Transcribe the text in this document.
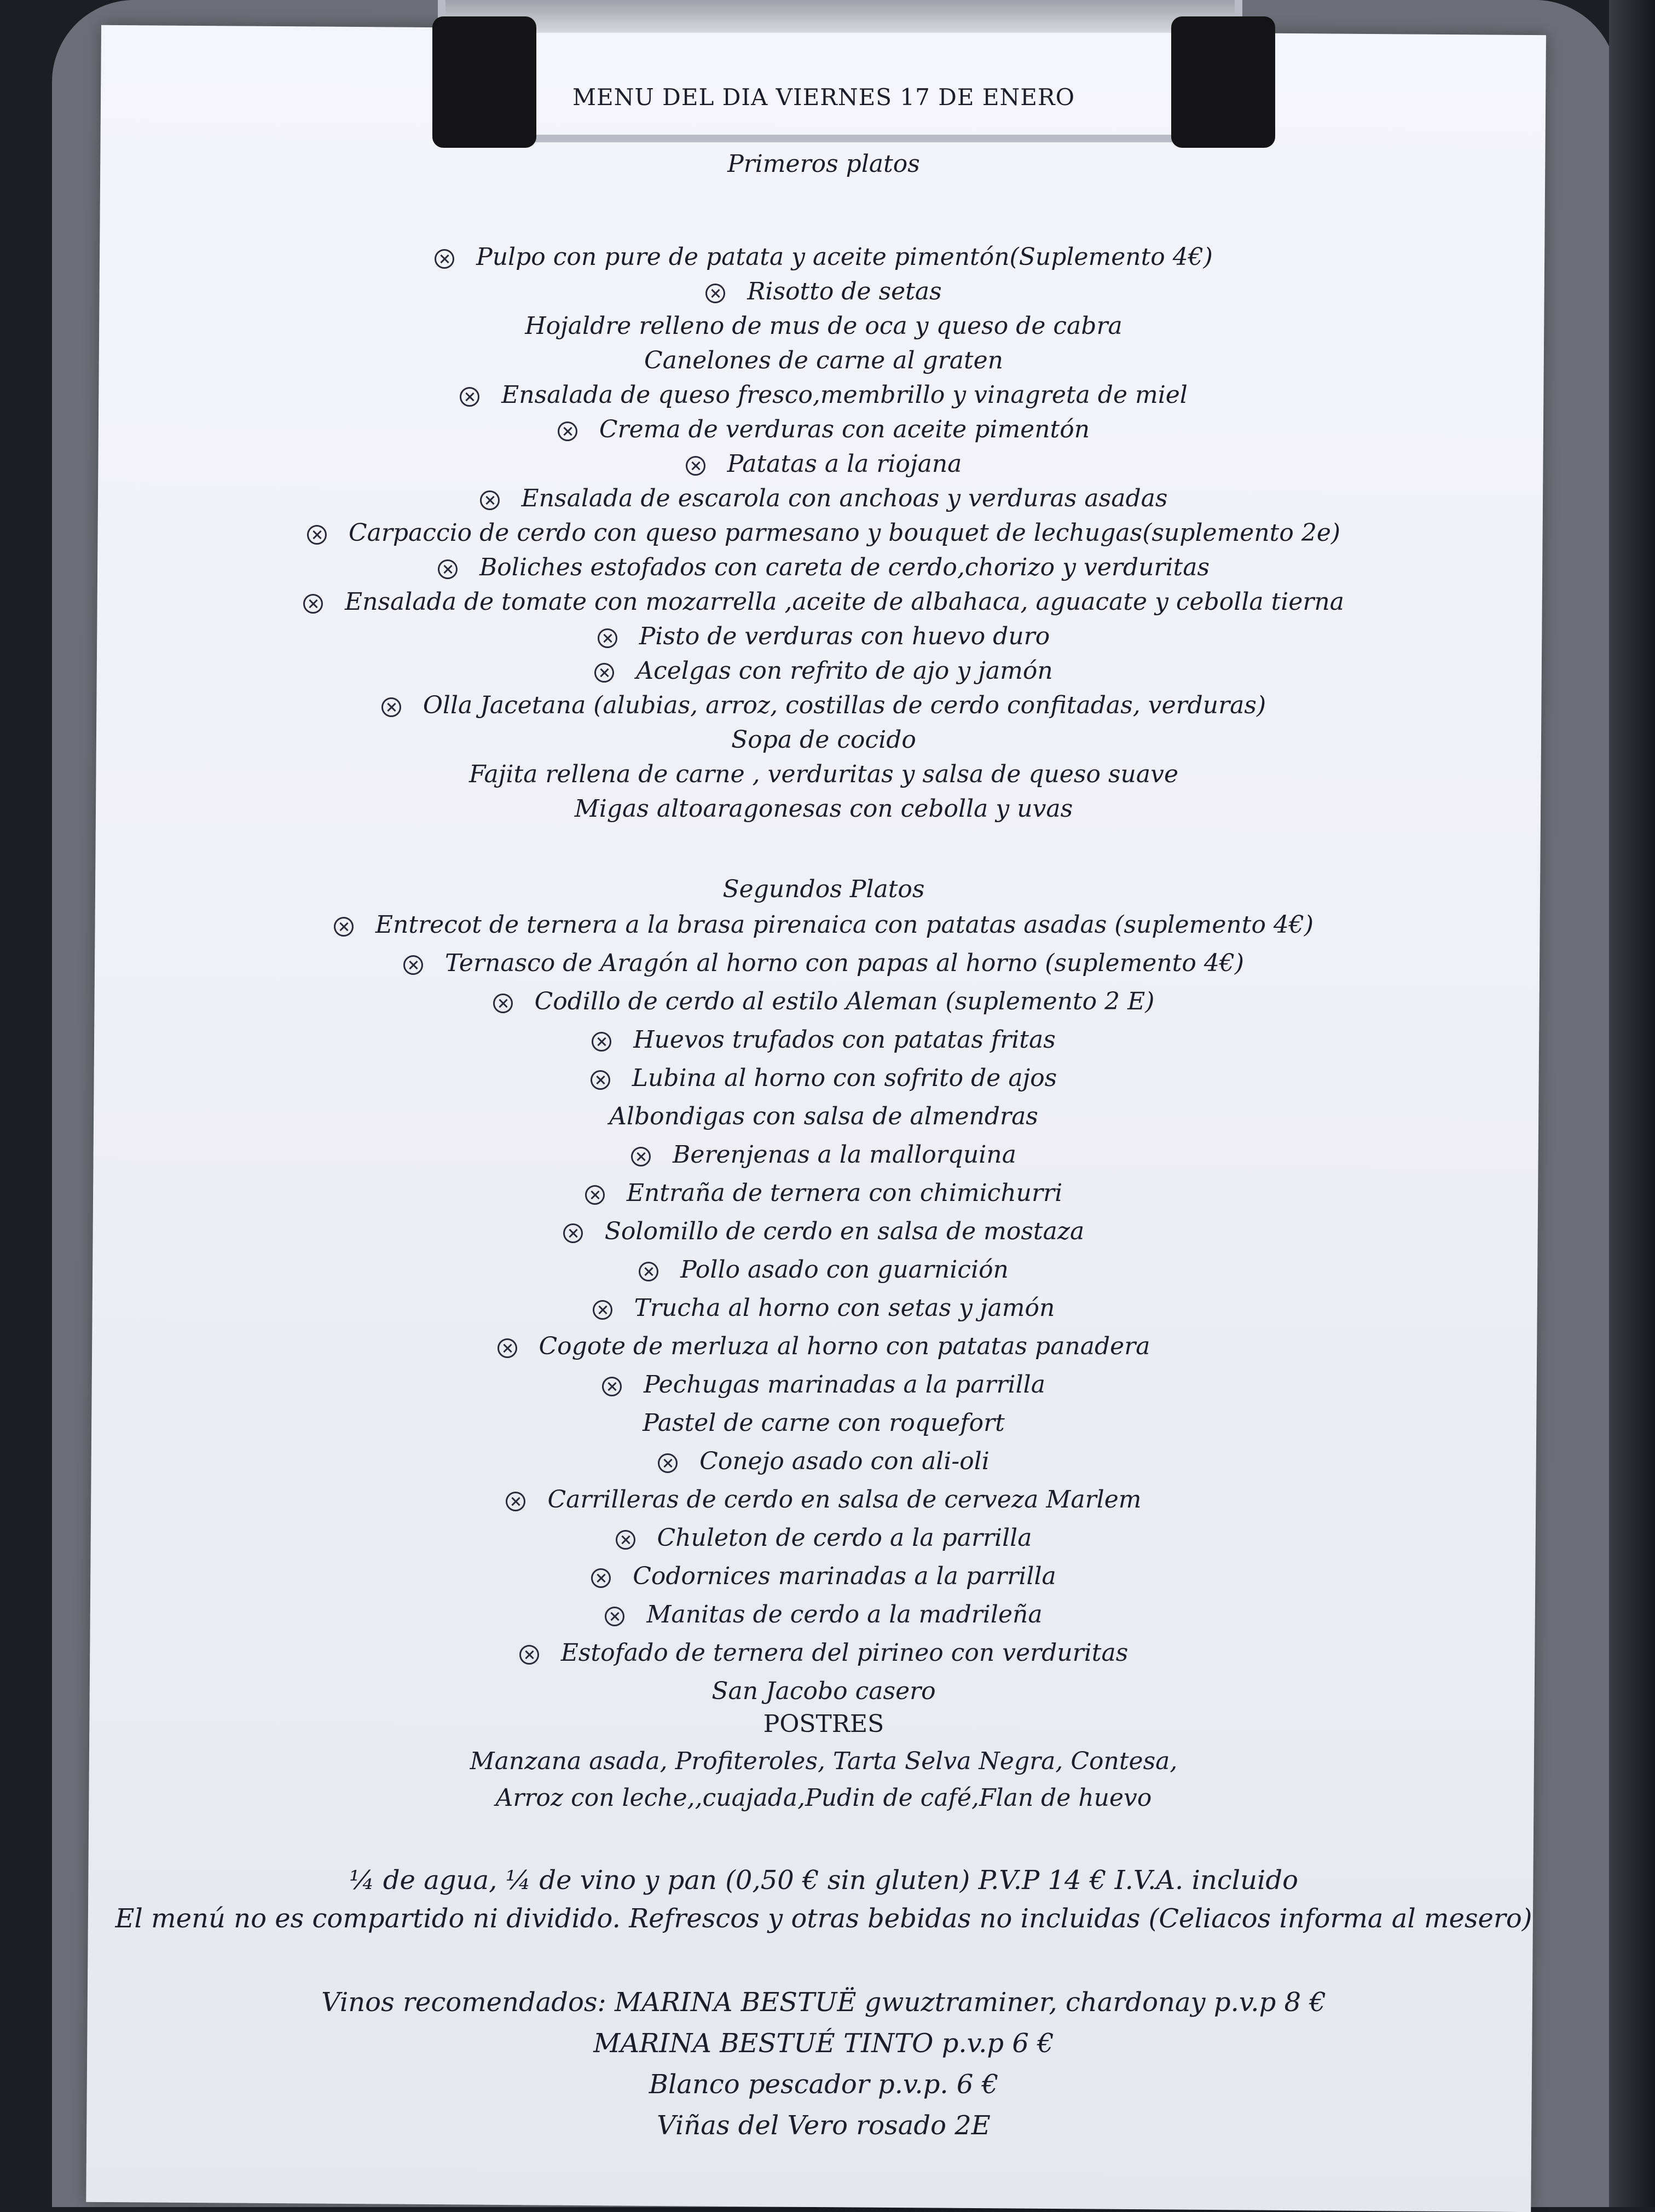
MENU DEL DIA VIERNES 17 DE ENERO
Primeros platos
Pulpo con pure de patata y aceite pimentón(Suplemento 4€)
Risotto de setas
Hojaldre relleno de mus de oca y queso de cabra
Canelones de carne al graten
Ensalada de queso fresco,membrillo y vinagreta de miel
Crema de verduras con aceite pimentón
Patatas a la riojana
Ensalada de escarola con anchoas y verduras asadas
Carpaccio de cerdo con queso parmesano y bouquet de lechugas(suplemento 2e)
Boliches estofados con careta de cerdo,chorizo y verduritas
Ensalada de tomate con mozarrella ,aceite de albahaca, aguacate y cebolla tierna
Pisto de verduras con huevo duro
Acelgas con refrito de ajo y jamón
Olla Jacetana (alubias, arroz, costillas de cerdo confitadas, verduras)
Sopa de cocido
Fajita rellena de carne , verduritas y salsa de queso suave
Migas altoaragonesas con cebolla y uvas
Segundos Platos
Entrecot de ternera a la brasa pirenaica con patatas asadas (suplemento 4€)
Ternasco de Aragón al horno con papas al horno (suplemento 4€)
Codillo de cerdo al estilo Aleman (suplemento 2 E)
Huevos trufados con patatas fritas
Lubina al horno con sofrito de ajos
Albondigas con salsa de almendras
Berenjenas a la mallorquina
Entraña de ternera con chimichurri
Solomillo de cerdo en salsa de mostaza
Pollo asado con guarnición
Trucha al horno con setas y jamón
Cogote de merluza al horno con patatas panadera
Pechugas marinadas a la parrilla
Pastel de carne con roquefort
Conejo asado con ali-oli
Carrilleras de cerdo en salsa de cerveza Marlem
Chuleton de cerdo a la parrilla
Codornices marinadas a la parrilla
Manitas de cerdo a la madrileña
Estofado de ternera del pirineo con verduritas
San Jacobo casero
POSTRES
Manzana asada, Profiteroles, Tarta Selva Negra, Contesa,
Arroz con leche,,cuajada,Pudin de café,Flan de huevo
¼ de agua, ¼ de vino y pan (0,50 € sin gluten) P.V.P 14 € I.V.A. incluido
El menú no es compartido ni dividido. Refrescos y otras bebidas no incluidas (Celiacos informa al mesero)
Vinos recomendados: MARINA BESTUË gwuztraminer, chardonay p.v.p 8 €
MARINA BESTUÉ TINTO p.v.p 6 €
Blanco pescador p.v.p. 6 €
Viñas del Vero rosado 2E
